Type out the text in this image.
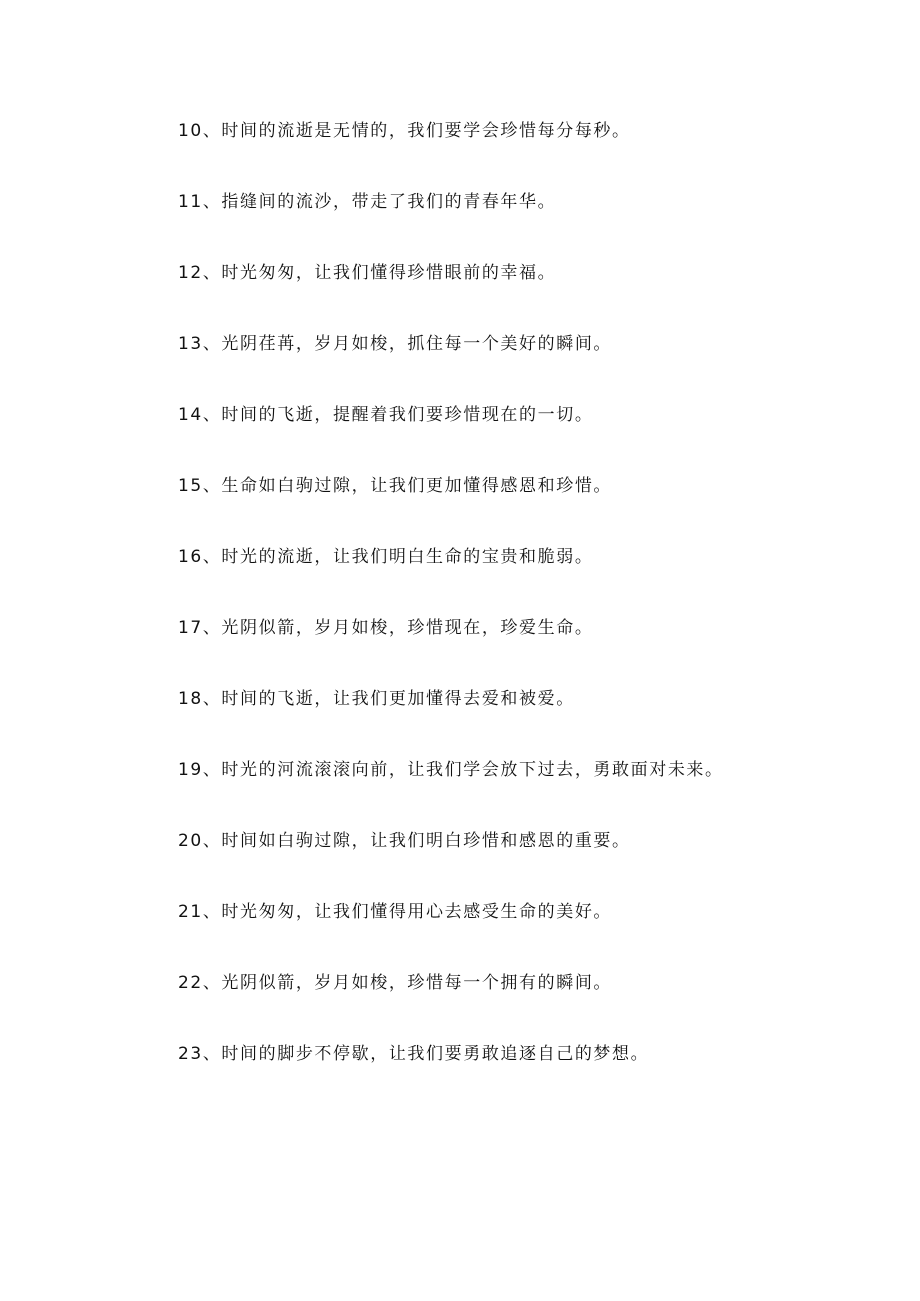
10、时间的流逝是无情的，我们要学会珍惜每分每秒。
11、指缝间的流沙，带走了我们的青春年华。
12、时光匆匆，让我们懂得珍惜眼前的幸福。
13、光阴荏苒，岁月如梭，抓住每一个美好的瞬间。
14、时间的飞逝，提醒着我们要珍惜现在的一切。
15、生命如白驹过隙，让我们更加懂得感恩和珍惜。
16、时光的流逝，让我们明白生命的宝贵和脆弱。
17、光阴似箭，岁月如梭，珍惜现在，珍爱生命。
18、时间的飞逝，让我们更加懂得去爱和被爱。
19、时光的河流滚滚向前，让我们学会放下过去，勇敢面对未来。
20、时间如白驹过隙，让我们明白珍惜和感恩的重要。
21、时光匆匆，让我们懂得用心去感受生命的美好。
22、光阴似箭，岁月如梭，珍惜每一个拥有的瞬间。
23、时间的脚步不停歇，让我们要勇敢追逐自己的梦想。
